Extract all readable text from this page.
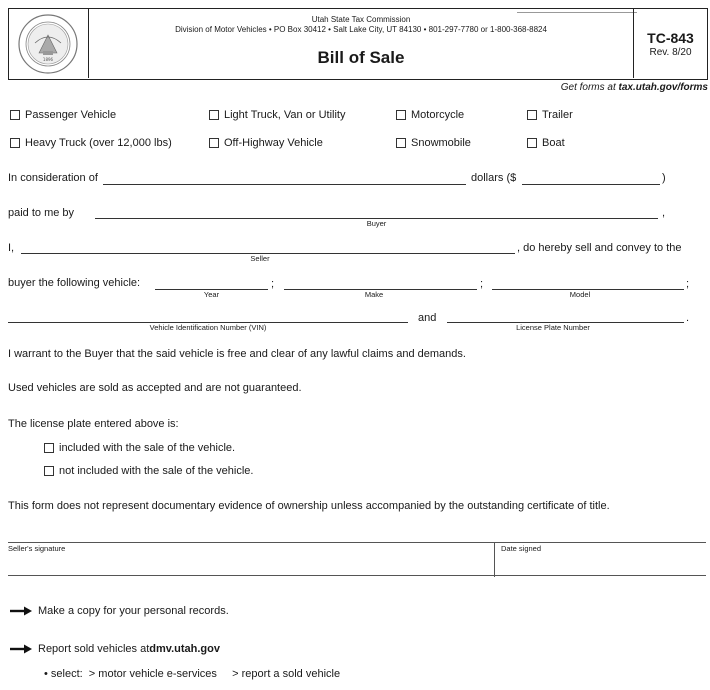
1896
Utah State Tax Commission
Division of Motor Vehicles • PO Box 30412 • Salt Lake City, UT 84130 • 801-297-7780 or 1-800-368-8824
Bill of Sale
TC-843
Rev. 8/20
Get forms at tax.utah.gov/forms
Passenger Vehicle	Light Truck, Van or Utility	Motorcycle	Trailer
Heavy Truck (over 12,000 lbs)	Off-Highway Vehicle	Snowmobile	Boat
In consideration of	dollars ($	)
paid to me by	,
Buyer
I,	, do hereby sell and convey to the
Seller
buyer the following vehicle:	;	;	;
Year	Make	Model
and	.
Vehicle Identification Number (VIN)	License Plate Number
I warrant to the Buyer that the said vehicle is free and clear of any lawful claims and demands.
Used vehicles are sold as accepted and are not guaranteed.
The license plate entered above is:
included with the sale of the vehicle.
not included with the sale of the vehicle.
This form does not represent documentary evidence of ownership unless accompanied by the outstanding certificate of title.
Seller's signature	Date signed
Make a copy for your personal records.
Report sold vehicles at dmv.utah.gov
• select:  > motor vehicle e-services     > report a sold vehicle
